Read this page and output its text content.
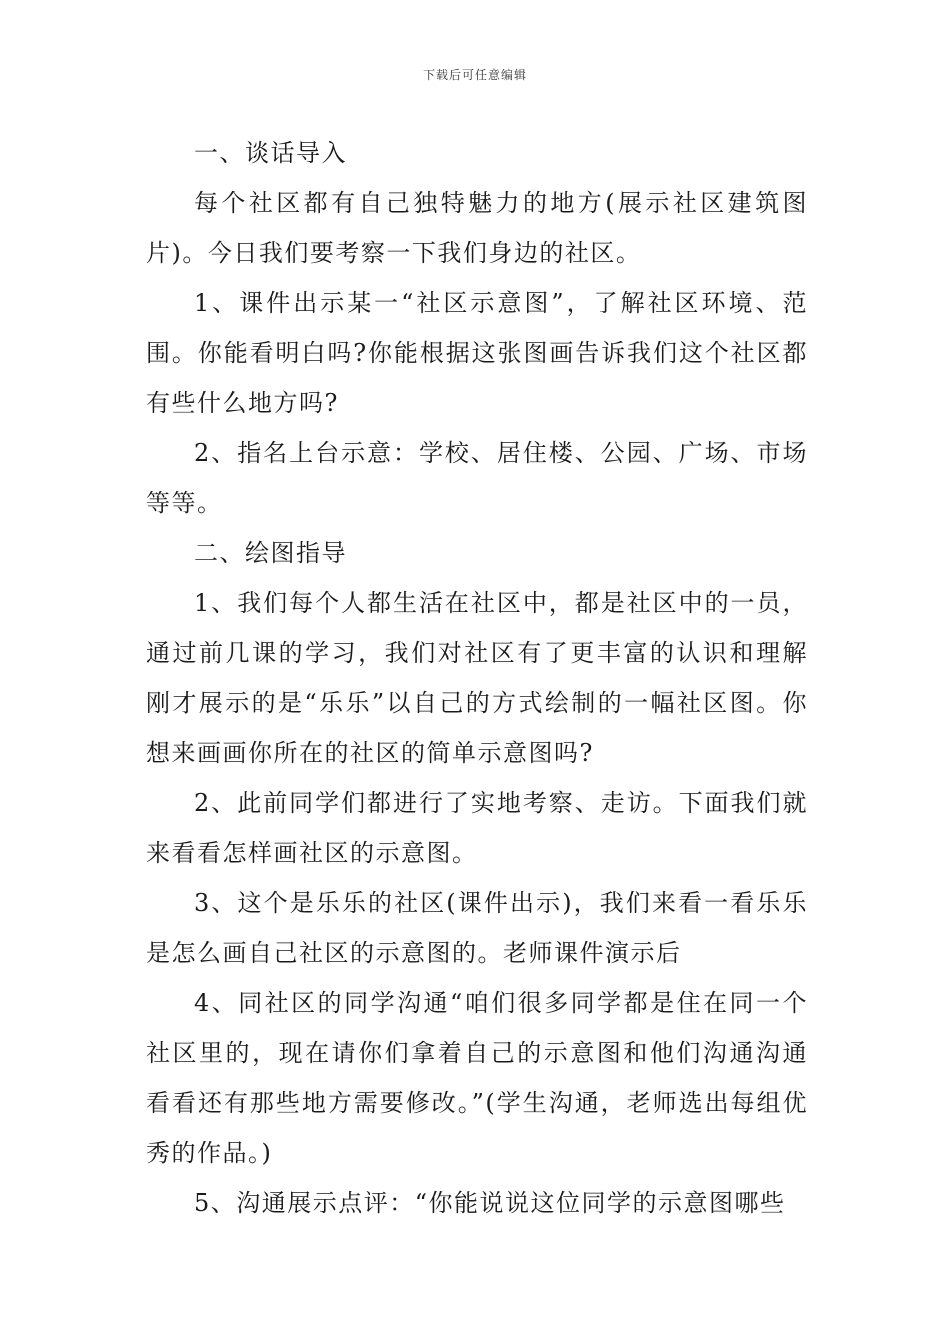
下载后可任意编辑

一、谈话导入

每个社区都有自己独特魅力的地方(展示社区建筑图片)。今日我们要考察一下我们身边的社区。

1、课件出示某一“社区示意图”，了解社区环境、范围。你能看明白吗?你能根据这张图画告诉我们这个社区都有些什么地方吗?

2、指名上台示意：学校、居住楼、公园、广场、市场等等。

二、绘图指导

1、我们每个人都生活在社区中，都是社区中的一员，通过前几课的学习，我们对社区有了更丰富的认识和理解刚才展示的是“乐乐”以自己的方式绘制的一幅社区图。你想来画画你所在的社区的简单示意图吗?

2、此前同学们都进行了实地考察、走访。下面我们就来看看怎样画社区的示意图。

3、这个是乐乐的社区(课件出示)，我们来看一看乐乐是怎么画自己社区的示意图的。老师课件演示后

4、同社区的同学沟通“咱们很多同学都是住在同一个社区里的，现在请你们拿着自己的示意图和他们沟通沟通看看还有那些地方需要修改。”(学生沟通，老师选出每组优秀的作品。)

5、沟通展示点评：“你能说说这位同学的示意图哪些
